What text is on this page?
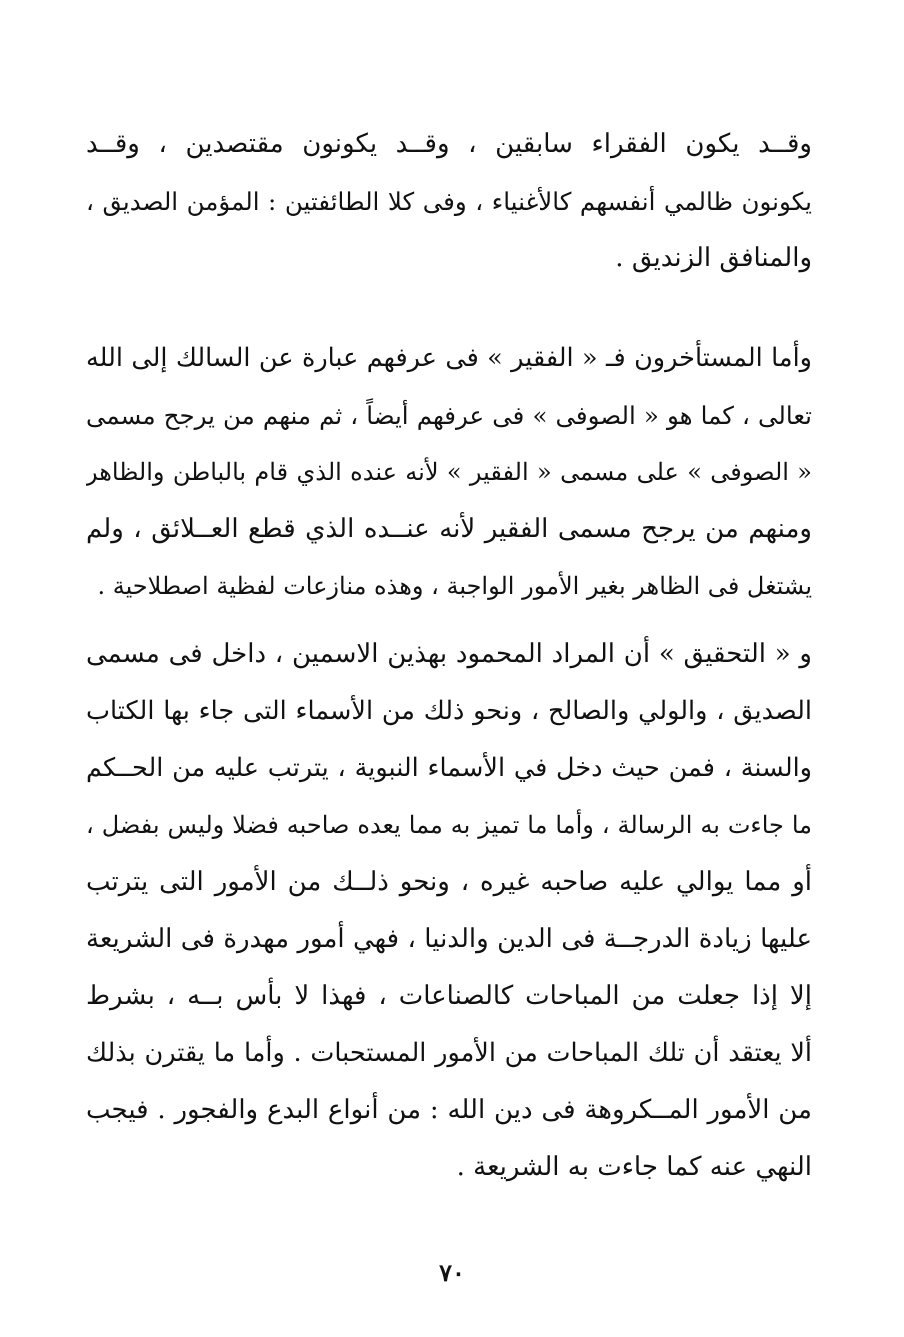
وقــد يكون الفقراء سابقين ، وقــد يكونون مقتصدين ، وقــد
يكونون ظالمي أنفسهم كالأغنياء ، وفى كلا الطائفتين : المؤمن الصديق ،
والمنافق الزنديق .
وأما المستأخرون فـ « الفقير » فى عرفهم عبارة عن السالك إلى الله
تعالى ، كما هو « الصوفى » فى عرفهم أيضاً ، ثم منهم من يرجح مسمى
« الصوفى » على مسمى « الفقير » لأنه عنده الذي قام بالباطن والظاهر
ومنهم من يرجح مسمى الفقير لأنه عنــده الذي قطع العــلائق ، ولم
يشتغل فى الظاهر بغير الأمور الواجبة ، وهذه منازعات لفظية اصطلاحية .
و « التحقيق » أن المراد المحمود بهذين الاسمين ، داخل فى مسمى
الصديق ، والولي والصالح ، ونحو ذلك من الأسماء التى جاء بها الكتاب
والسنة ، فمن حيث دخل في الأسماء النبوية ، يترتب عليه من الحــكم
ما جاءت به الرسالة ، وأما ما تميز به مما يعده صاحبه فضلا وليس بفضل ،
أو مما يوالي عليه صاحبه غيره ، ونحو ذلــك من الأمور التى يترتب
عليها زيادة الدرجــة فى الدين والدنيا ، فهي أمور مهدرة فى الشريعة
إلا إذا جعلت من المباحات كالصناعات ، فهذا لا بأس بــه ، بشرط
ألا يعتقد أن تلك المباحات من الأمور المستحبات . وأما ما يقترن بذلك
من الأمور المــكروهة فى دين الله : من أنواع البدع والفجور . فيجب
النهي عنه كما جاءت به الشريعة .
٧٠
